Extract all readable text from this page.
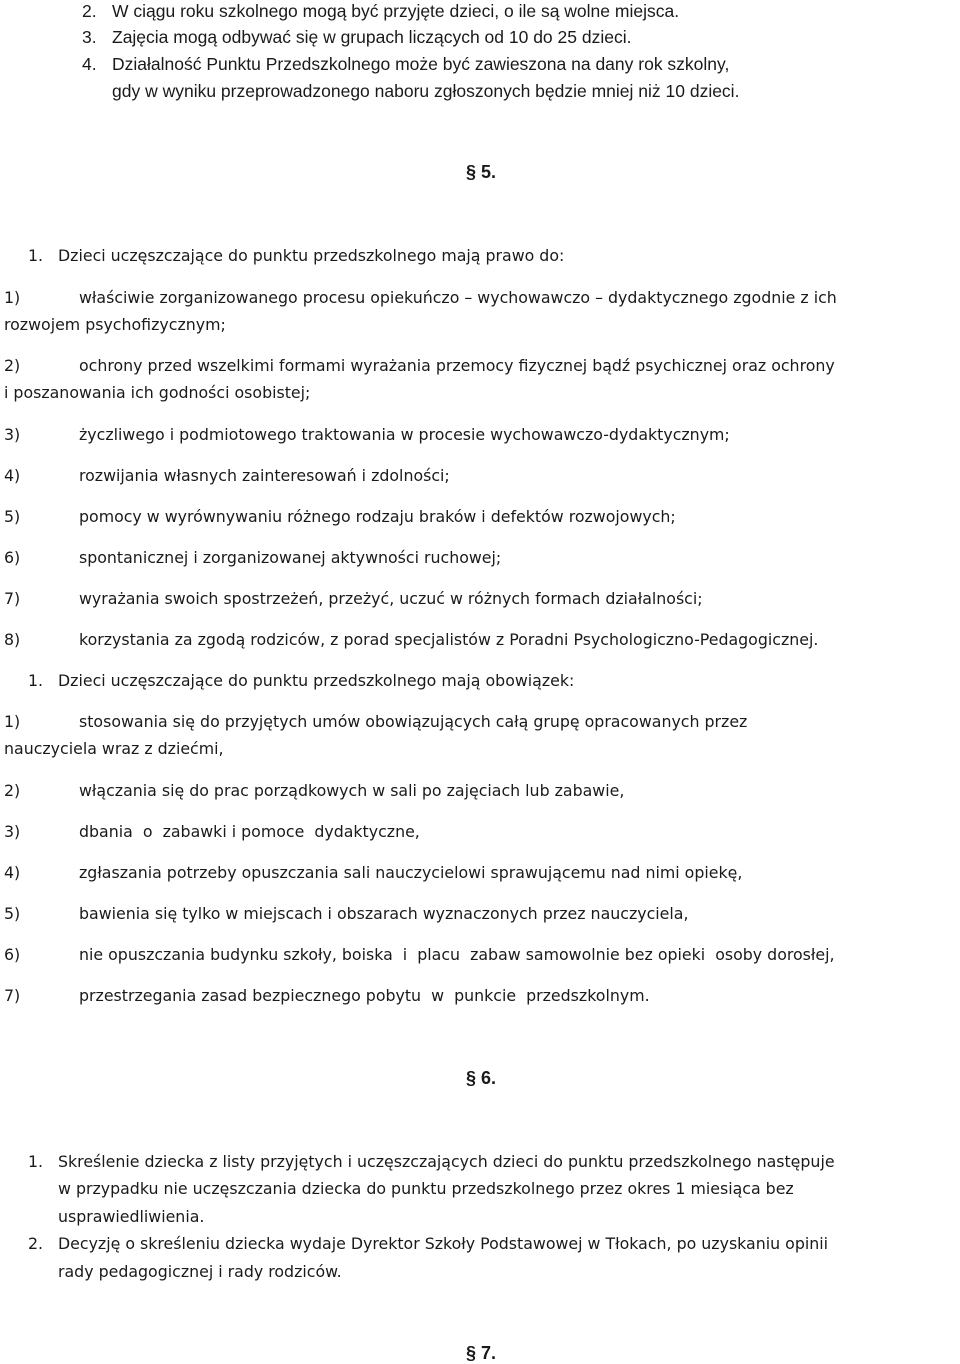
2. W ciągu roku szkolnego mogą być przyjęte dzieci, o ile są wolne miejsca.
3. Zajęcia mogą odbywać się w grupach liczących od 10 do 25 dzieci.
4. Działalność Punktu Przedszkolnego może być zawieszona na dany rok szkolny,
gdy w wyniku przeprowadzonego naboru zgłoszonych będzie mniej niż 10 dzieci.
§ 5.
1. Dzieci uczęszczające do punktu przedszkolnego mają prawo do:
1)	właściwie zorganizowanego procesu opiekuńczo – wychowawczo – dydaktycznego zgodnie z ich
rozwojem psychofizycznym;
2)	ochrony przed wszelkimi formami wyrażania przemocy fizycznej bądź psychicznej oraz ochrony
i poszanowania ich godności osobistej;
3)	życzliwego i podmiotowego traktowania w procesie wychowawczo-dydaktycznym;
4)	rozwijania własnych zainteresowań i zdolności;
5)	pomocy w wyrównywaniu różnego rodzaju braków i defektów rozwojowych;
6)	spontanicznej i zorganizowanej aktywności ruchowej;
7)	wyrażania swoich spostrzeżeń, przeżyć, uczuć w różnych formach działalności;
8)	korzystania za zgodą rodziców, z porad specjalistów z Poradni Psychologiczno-Pedagogicznej.
1. Dzieci uczęszczające do punktu przedszkolnego mają obowiązek:
1)	stosowania się do przyjętych umów obowiązujących całą grupę opracowanych przez
nauczyciela wraz z dziećmi,
2)	włączania się do prac porządkowych w sali po zajęciach lub zabawie,
3)	dbania  o  zabawki i pomoce  dydaktyczne,
4)	zgłaszania potrzeby opuszczania sali nauczycielowi sprawującemu nad nimi opiekę,
5)	bawienia się tylko w miejscach i obszarach wyznaczonych przez nauczyciela,
6)	nie opuszczania budynku szkoły, boiska  i  placu  zabaw samowolnie bez opieki  osoby dorosłej,
7)	przestrzegania zasad bezpiecznego pobytu  w  punkcie  przedszkolnym.
§ 6.
1. Skreślenie dziecka z listy przyjętych i uczęszczających dzieci do punktu przedszkolnego następuje
w przypadku nie uczęszczania dziecka do punktu przedszkolnego przez okres 1 miesiąca bez
usprawiedliwienia.
2. Decyzję o skreśleniu dziecka wydaje Dyrektor Szkoły Podstawowej w Tłokach, po uzyskaniu opinii
rady pedagogicznej i rady rodziców.
§ 7.
